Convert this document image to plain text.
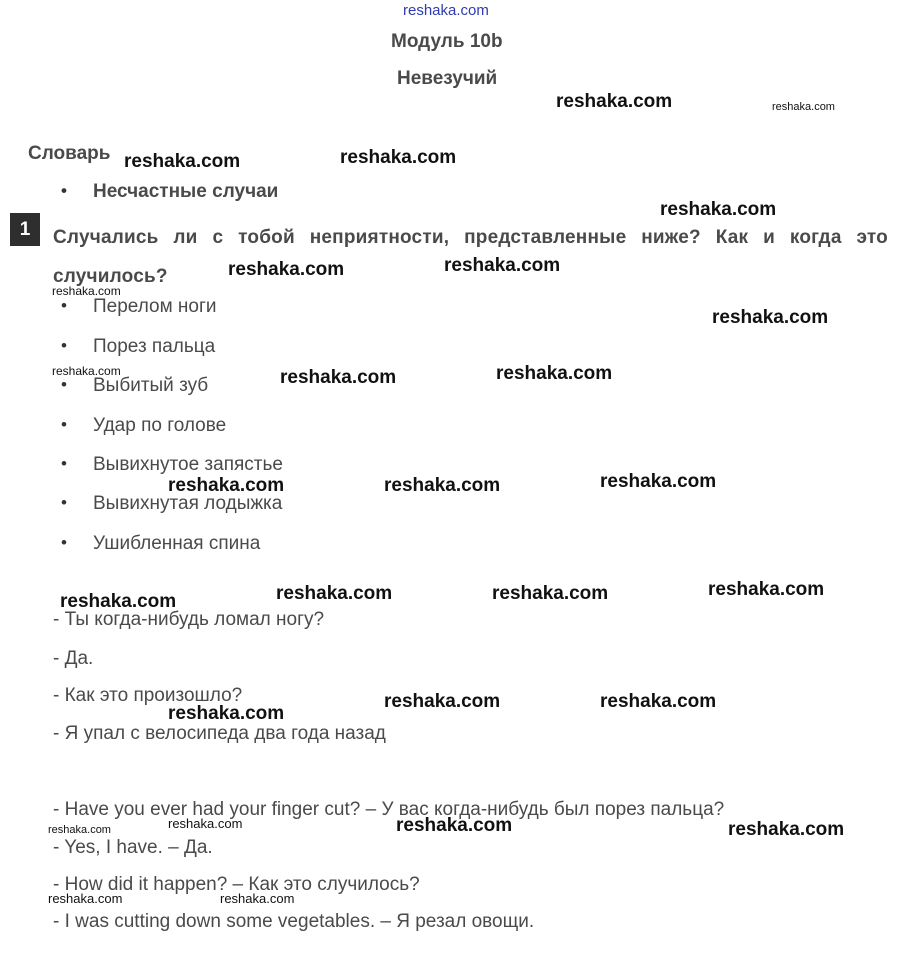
reshaka.com
Модуль 10b
Невезучий
Словарь
• Несчастные случаи
1	Случались ли с тобой неприятности, представленные ниже? Как и когда это случилось?
• Перелом ноги
• Порез пальца
• Выбитый зуб
• Удар по голове
• Вывихнутое запястье
• Вывихнутая лодыжка
• Ушибленная спина
- Ты когда-нибудь ломал ногу?
- Да.
- Как это произошло?
- Я упал с велосипеда два года назад
- Have you ever had your finger cut? – У вас когда-нибудь был порез пальца?
- Yes, I have. – Да.
- How did it happen? – Как это случилось?
- I was cutting down some vegetables. – Я резал овощи.
reshaka.com
reshaka.com	reshaka.com
reshaka.com
reshaka.com	reshaka.com
reshaka.com
reshaka.com	reshaka.com
reshaka.com	reshaka.com	reshaka.com
reshaka.com	reshaka.com	reshaka.com	reshaka.com
reshaka.com	reshaka.com
reshaka.com
reshaka.com	reshaka.com
reshaka.com
reshaka.com
reshaka.com
reshaka.com	reshaka.com
reshaka.com	reshaka.com
